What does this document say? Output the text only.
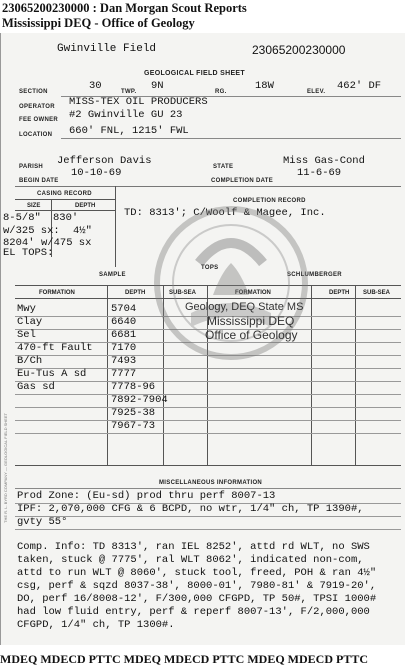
23065200230000 : Dan Morgan Scout Reports
Mississippi DEQ - Office of Geology
Gwinville Field	23065200230000
GEOLOGICAL FIELD SHEET
SECTION	30	TWP. 9N	RG.	18W	ELEV. 462' DF
OPERATOR MISS-TEX OIL PRODUCERS
FEE OWNER #2 Gwinville GU 23
LOCATION 660' FNL, 1215' FWL
PARISH Jefferson Davis	STATE	Miss Gas-Cond
BEGIN DATE
10-10-69
COMPLETION DATE
11-6-69
CASING RECORD
SIZE	DEPTH
8-5/8" 830'
w/325 sx: 4½"
8204' w/475 sx
COMPLETION RECORD
TD: 8313'; C/Woolf & Magee, Inc.
EL TOPS:
SAMPLE
TOPS
SCHLUMBERGER
FORMATION	DEPTH	SUB-SEA	FORMATION	DEPTH SUB-SEA
Mwy	5704
Clay	6640
Sel	6681
470-ft Fault 7170
B/Ch	7493
Eu-Tus A sd 7777
Gas sd	7778-96
7892-7904
7925-38
7967-73
Geology, DEQ State MS
Mississippi DEQ
Office of Geology
THE R. L. BYRD COMPANY — GEOLOGICAL FIELD SHEET	MISCELLANEOUS INFORMATION
Prod Zone: (Eu-sd) prod thru perf 8007-13
IPF: 2,070,000 CFG & 6 BCPD, no wtr, 1/4" ch, TP 1390#,
gvty 55°
Comp. Info: TD 8313', ran IEL 8252', attd rd WLT, no SWS
taken, stuck @ 7775', ral WLT 8062', indicated non-com,
attd to run WLT @ 8060', stuck tool, freed, POH & ran 4½"
csg, perf & sqzd 8037-38', 8000-01', 7980-81' & 7919-20',
DO, perf 16/8008-12', F/300,000 CFGPD, TP 50#, TPSI 1000#
had low fluid entry, perf & reperf 8007-13', F/2,000,000
CFGPD, 1/4" ch, TP 1300#.
MDEQ MDECD PTTC MDEQ MDECD PTTC MDEQ MDECD PTTC
